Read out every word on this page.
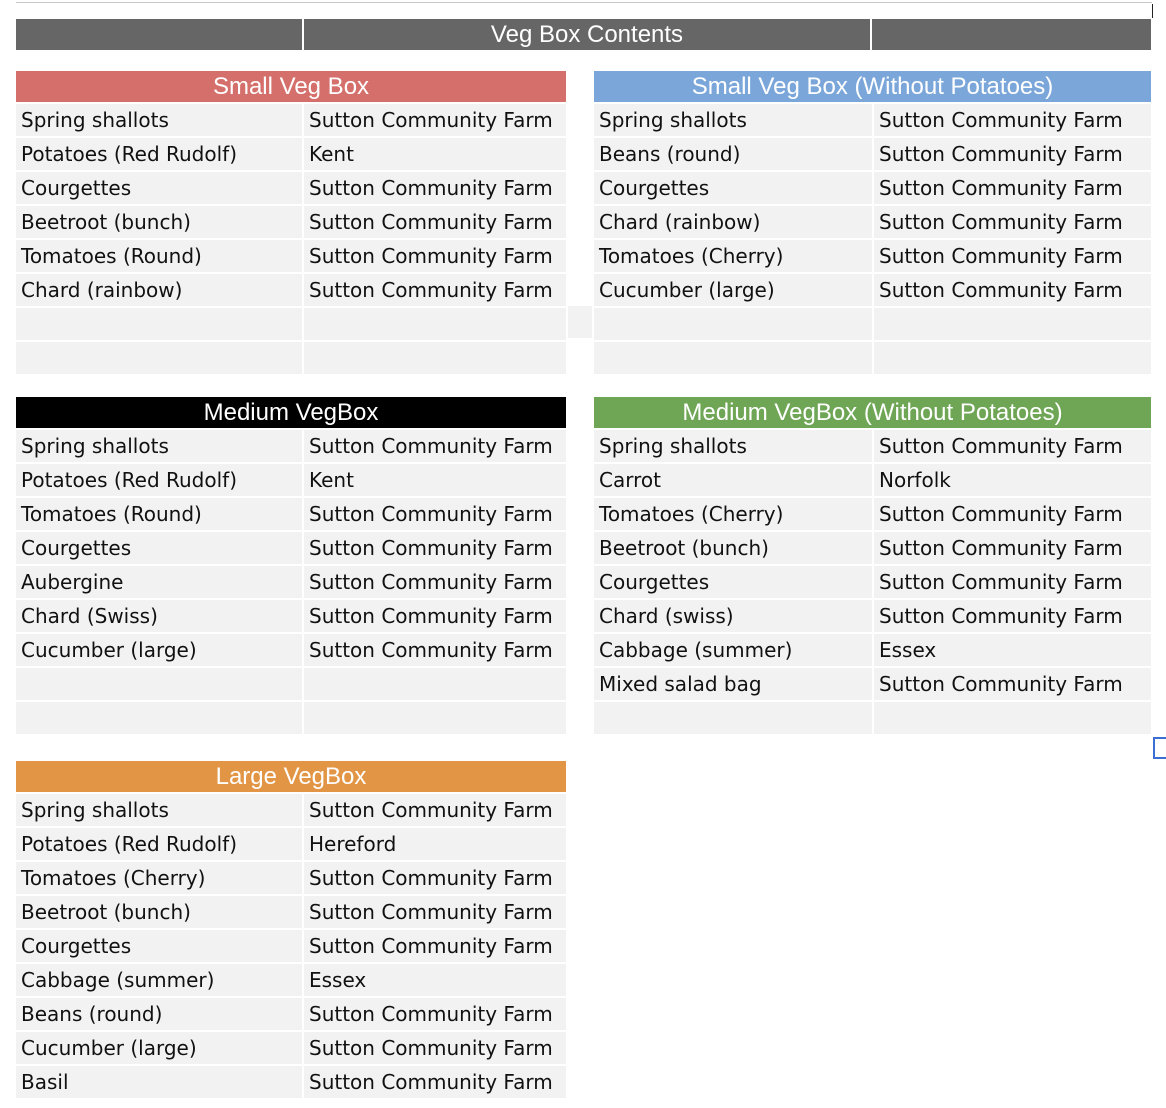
Veg Box Contents
Small Veg Box
Spring shallots	Sutton Community Farm
Potatoes (Red Rudolf)	Kent
Courgettes	Sutton Community Farm
Beetroot (bunch)	Sutton Community Farm
Tomatoes (Round)	Sutton Community Farm
Chard (rainbow)	Sutton Community Farm
Small Veg Box (Without Potatoes)
Spring shallots	Sutton Community Farm
Beans (round)	Sutton Community Farm
Courgettes	Sutton Community Farm
Chard (rainbow)	Sutton Community Farm
Tomatoes (Cherry)	Sutton Community Farm
Cucumber (large)	Sutton Community Farm
Medium VegBox
Spring shallots	Sutton Community Farm
Potatoes (Red Rudolf)	Kent
Tomatoes (Round)	Sutton Community Farm
Courgettes	Sutton Community Farm
Aubergine	Sutton Community Farm
Chard (Swiss)	Sutton Community Farm
Cucumber (large)	Sutton Community Farm
Medium VegBox (Without Potatoes)
Spring shallots	Sutton Community Farm
Carrot	Norfolk
Tomatoes (Cherry)	Sutton Community Farm
Beetroot (bunch)	Sutton Community Farm
Courgettes	Sutton Community Farm
Chard (swiss)	Sutton Community Farm
Cabbage (summer)	Essex
Mixed salad bag	Sutton Community Farm
Large VegBox
Spring shallots	Sutton Community Farm
Potatoes (Red Rudolf)	Hereford
Tomatoes (Cherry)	Sutton Community Farm
Beetroot (bunch)	Sutton Community Farm
Courgettes	Sutton Community Farm
Cabbage (summer)	Essex
Beans (round)	Sutton Community Farm
Cucumber (large)	Sutton Community Farm
Basil	Sutton Community Farm
